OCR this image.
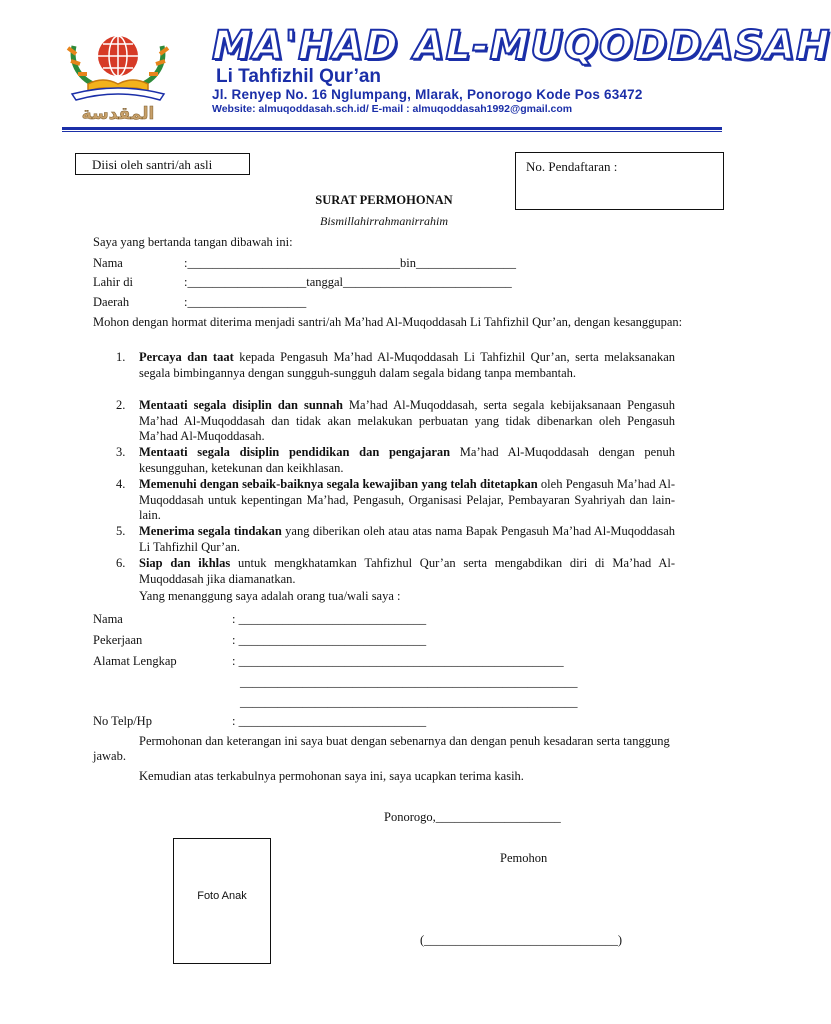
المقدسة
MA'HAD AL-MUQODDASAH
Li Tahfizhil Qur’an
Jl. Renyep No. 16 Nglumpang, Mlarak, Ponorogo Kode Pos 63472
Website: almuqoddasah.sch.id/ E-mail : almuqoddasah1992@gmail.com
Diisi oleh santri/ah asli	No. Pendaftaran :
SURAT PERMOHONAN
Bismillahirrahmanirrahim
Saya yang bertanda tangan dibawah ini:
Nama	:__________________________________bin________________
Lahir di	:___________________tanggal___________________________
Daerah	:___________________
Mohon dengan hormat diterima menjadi santri/ah Ma’had Al-Muqoddasah Li Tahfizhil Qur’an, dengan kesanggupan:
1. Percaya dan taat kepada Pengasuh Ma’had Al-Muqoddasah Li Tahfizhil Qur’an, serta melaksanakan segala bimbingannya dengan sungguh-sungguh dalam segala bidang tanpa membantah.
2. Mentaati segala disiplin dan sunnah Ma’had Al-Muqoddasah, serta segala kebijaksanaan Pengasuh Ma’had Al-Muqoddasah dan tidak akan melakukan perbuatan yang tidak dibenarkan oleh Pengasuh Ma’had Al-Muqoddasah.
3. Mentaati segala disiplin pendidikan dan pengajaran Ma’had Al-Muqoddasah dengan penuh kesungguhan, ketekunan dan keikhlasan.
4. Memenuhi dengan sebaik-baiknya segala kewajiban yang telah ditetapkan oleh Pengasuh Ma’had Al-Muqoddasah untuk kepentingan Ma’had, Pengasuh, Organisasi Pelajar, Pembayaran Syahriyah dan lain-lain.
5. Menerima segala tindakan yang diberikan oleh atau atas nama Bapak Pengasuh Ma’had Al-Muqoddasah Li Tahfizhil Qur’an.
6. Siap dan ikhlas untuk mengkhatamkan Tahfizhul Qur’an serta mengabdikan diri di Ma’had Al-Muqoddasah jika diamanatkan.
Yang menanggung saya adalah orang tua/wali saya :
Nama	: ______________________________
Pekerjaan	: ______________________________
Alamat Lengkap	: ____________________________________________________
______________________________________________________
______________________________________________________
No Telp/Hp	: ______________________________
Permohonan dan keterangan ini saya buat dengan sebenarnya dan dengan penuh kesadaran serta tanggung jawab.
Kemudian atas terkabulnya permohonan saya ini, saya ucapkan terima kasih.
Ponorogo,____________________
Pemohon
Foto Anak
(_______________________________)
